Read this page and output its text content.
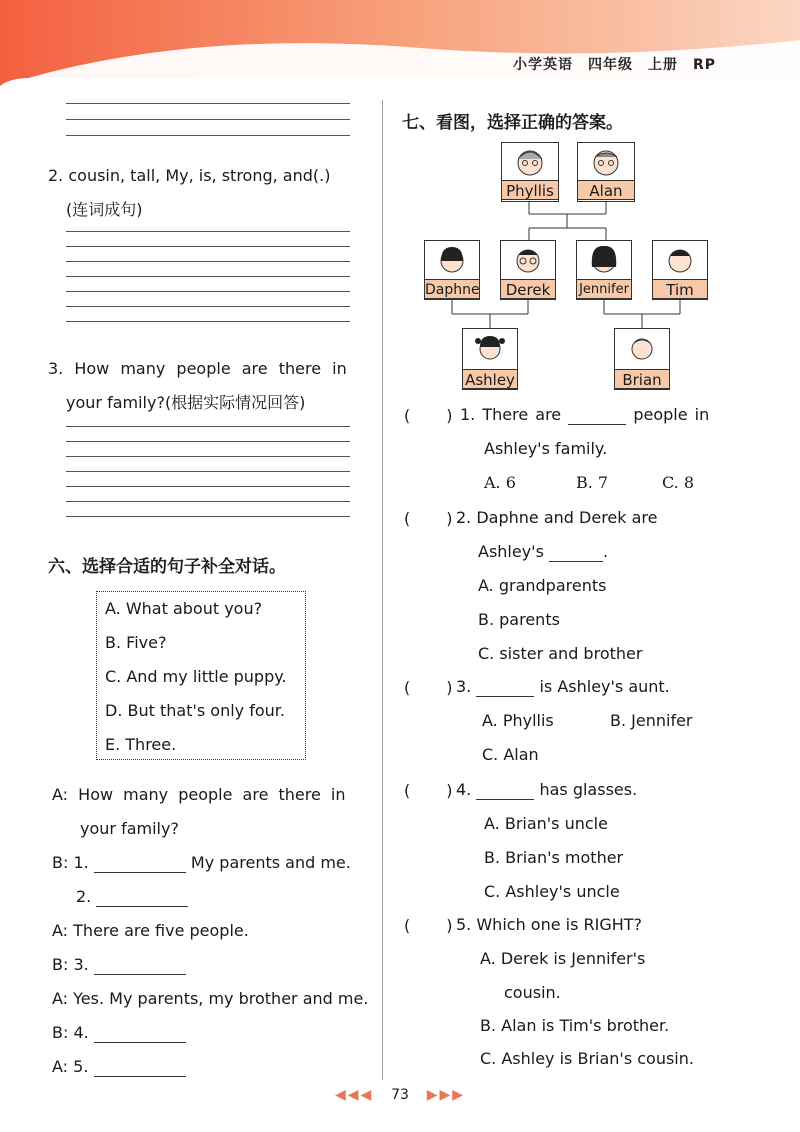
小学英语　四年级　上册　RP
2. cousin, tall, My, is, strong, and(.)
(连词成句)
3. How many people are there in
your family?(根据实际情况回答)
六、选择合适的句子补全对话。
A. What about you?
B. Five?
C. And my little puppy.
D. But that's only four.
E. Three.
A: How many people are there in
your family?
B: 1.	My parents and me.
2.
A: There are five people.
B: 3.
A: Yes. My parents, my brother and me.
B: 4.
A: 5.
七、看图，选择正确的答案。
Phyllis	Alan
Daphne	Derek	Jennifer	Tim
Ashley	Brian
( ) 1. There are	people in
Ashley's family.
A. 6	B. 7	C. 8
( ) 2. Daphne and Derek are
Ashley's	.
A. grandparents
B. parents
C. sister and brother
( ) 3.	is Ashley's aunt.
A. Phyllis	B. Jennifer
C. Alan
( ) 4.	has glasses.
A. Brian's uncle
B. Brian's mother
C. Ashley's uncle
( ) 5. Which one is RIGHT?
A. Derek is Jennifer's
cousin.
B. Alan is Tim's brother.
C. Ashley is Brian's cousin.
◀◀◀ 73 ▶▶▶
